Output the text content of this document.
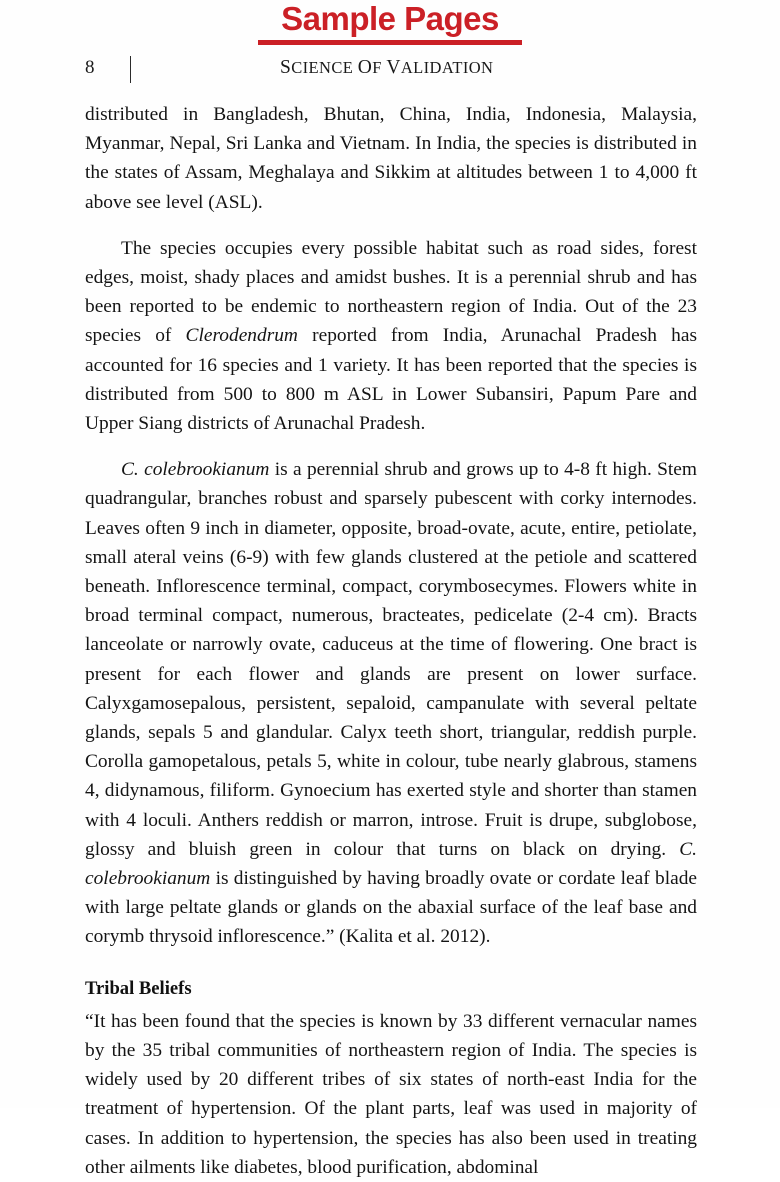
Sample Pages
8	SCIENCE OF VALIDATION

distributed in Bangladesh, Bhutan, China, India, Indonesia, Malaysia, Myanmar, Nepal, Sri Lanka and Vietnam. In India, the species is distributed in the states of Assam, Meghalaya and Sikkim at altitudes between 1 to 4,000 ft above see level (ASL).

The species occupies every possible habitat such as road sides, forest edges, moist, shady places and amidst bushes. It is a perennial shrub and has been reported to be endemic to northeastern region of India. Out of the 23 species of Clerodendrum reported from India, Arunachal Pradesh has accounted for 16 species and 1 variety. It has been reported that the species is distributed from 500 to 800 m ASL in Lower Subansiri, Papum Pare and Upper Siang districts of Arunachal Pradesh.

C. colebrookianum is a perennial shrub and grows up to 4-8 ft high. Stem quadrangular, branches robust and sparsely pubescent with corky internodes. Leaves often 9 inch in diameter, opposite, broad-ovate, acute, entire, petiolate, small ateral veins (6-9) with few glands clustered at the petiole and scattered beneath. Inflorescence terminal, compact, corymbosecymes. Flowers white in broad terminal compact, numerous, bracteates, pedicelate (2-4 cm). Bracts lanceolate or narrowly ovate, caduceus at the time of flowering. One bract is present for each flower and glands are present on lower surface. Calyxgamosepalous, persistent, sepaloid, campanulate with several peltate glands, sepals 5 and glandular. Calyx teeth short, triangular, reddish purple. Corolla gamopetalous, petals 5, white in colour, tube nearly glabrous, stamens 4, didynamous, filiform. Gynoecium has exerted style and shorter than stamen with 4 loculi. Anthers reddish or marron, introse. Fruit is drupe, subglobose, glossy and bluish green in colour that turns on black on drying. C. colebrookianum is distinguished by having broadly ovate or cordate leaf blade with large peltate glands or glands on the abaxial surface of the leaf base and corymb thrysoid inflorescence.” (Kalita et al. 2012).

Tribal Beliefs

“It has been found that the species is known by 33 different vernacular names by the 35 tribal communities of northeastern region of India. The species is widely used by 20 different tribes of six states of north-east India for the treatment of hypertension. Of the plant parts, leaf was used in majority of cases. In addition to hypertension, the species has also been used in treating other ailments like diabetes, blood purification, abdominal
